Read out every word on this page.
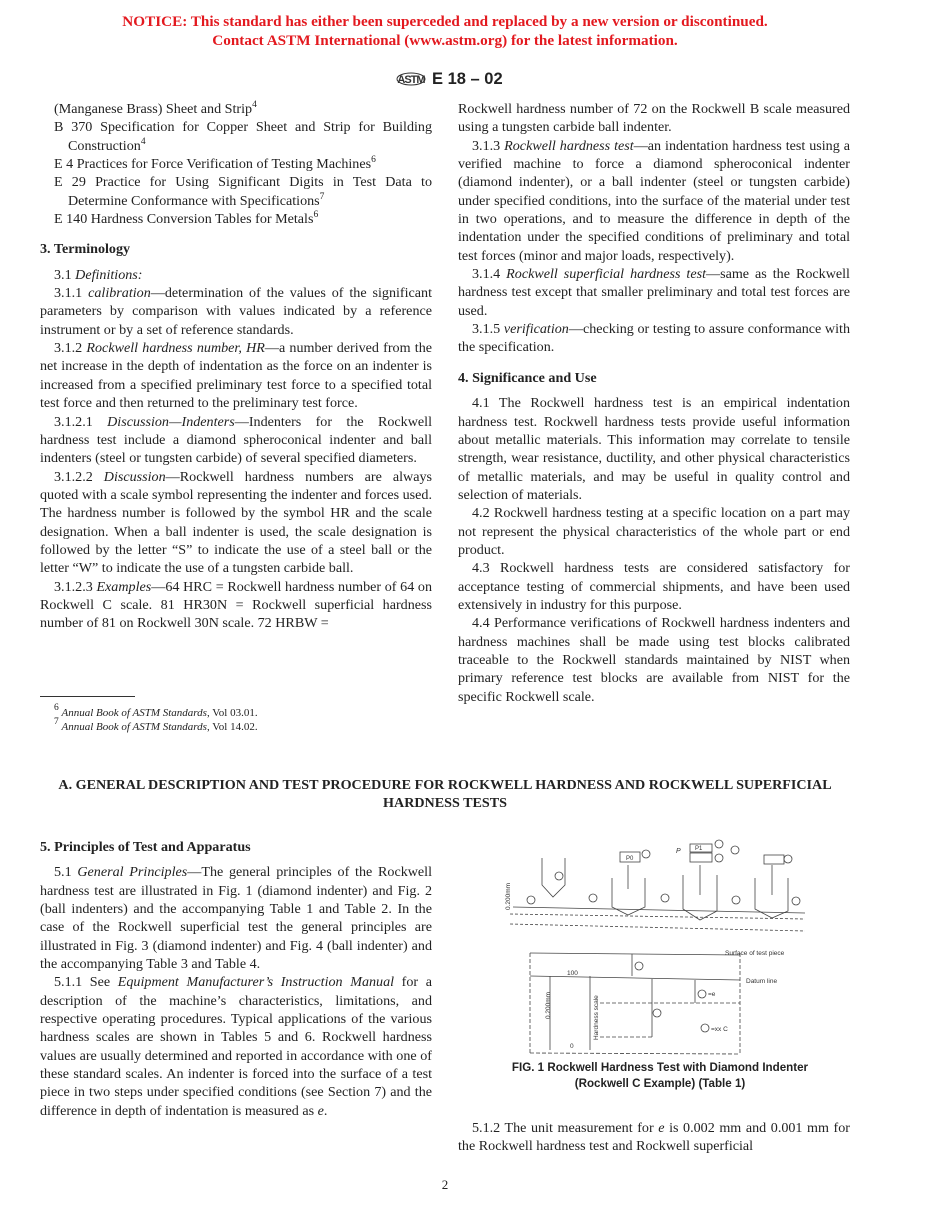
NOTICE: This standard has either been superceded and replaced by a new version or discontinued.
Contact ASTM International (www.astm.org) for the latest information.
ASTM E 18 – 02

(Manganese Brass) Sheet and Strip$^4$

B 370 Specification for Copper Sheet and Strip for Building Construction$^4$

E 4 Practices for Force Verification of Testing Machines$^6$

E 29 Practice for Using Significant Digits in Test Data to Determine Conformance with Specifications$^7$

E 140 Hardness Conversion Tables for Metals$^6$

3. Terminology

3.1 Definitions:

3.1.1 calibration—determination of the values of the significant parameters by comparison with values indicated by a reference instrument or by a set of reference standards.

3.1.2 Rockwell hardness number, HR—a number derived from the net increase in the depth of indentation as the force on an indenter is increased from a specified preliminary test force to a specified total test force and then returned to the preliminary test force.

3.1.2.1 Discussion—Indenters—Indenters for the Rockwell hardness test include a diamond spheroconical indenter and ball indenters (steel or tungsten carbide) of several specified diameters.

3.1.2.2 Discussion—Rockwell hardness numbers are always quoted with a scale symbol representing the indenter and forces used. The hardness number is followed by the symbol HR and the scale designation. When a ball indenter is used, the scale designation is followed by the letter “S” to indicate the use of a steel ball or the letter “W” to indicate the use of a tungsten carbide ball.

3.1.2.3 Examples—64 HRC = Rockwell hardness number of 64 on Rockwell C scale. 81 HR30N = Rockwell superficial hardness number of 81 on Rockwell 30N scale. 72 HRBW =

Rockwell hardness number of 72 on the Rockwell B scale measured using a tungsten carbide ball indenter.

3.1.3 Rockwell hardness test—an indentation hardness test using a verified machine to force a diamond spheroconical indenter (diamond indenter), or a ball indenter (steel or tungsten carbide) under specified conditions, into the surface of the material under test in two operations, and to measure the difference in depth of the indentation under the specified conditions of preliminary and total test forces (minor and major loads, respectively).

3.1.4 Rockwell superficial hardness test—same as the Rockwell hardness test except that smaller preliminary and total test forces are used.

3.1.5 verification—checking or testing to assure conformance with the specification.

4. Significance and Use

4.1 The Rockwell hardness test is an empirical indentation hardness test. Rockwell hardness tests provide useful information about metallic materials. This information may correlate to tensile strength, wear resistance, ductility, and other physical characteristics of metallic materials, and may be useful in quality control and selection of materials.

4.2 Rockwell hardness testing at a specific location on a part may not represent the physical characteristics of the whole part or end product.

4.3 Rockwell hardness tests are considered satisfactory for acceptance testing of commercial shipments, and have been used extensively in industry for this purpose.

4.4 Performance verifications of Rockwell hardness indenters and hardness machines shall be made using test blocks calibrated traceable to the Rockwell standards maintained by NIST when primary reference test blocks are available from NIST for the specific Rockwell scale.

$^6$ Annual Book of ASTM Standards, Vol 03.01.
$^7$ Annual Book of ASTM Standards, Vol 14.02.
A. GENERAL DESCRIPTION AND TEST PROCEDURE FOR ROCKWELL HARDNESS AND ROCKWELL SUPERFICIAL HARDNESS TESTS
5. Principles of Test and Apparatus

5.1 General Principles—The general principles of the Rockwell hardness test are illustrated in Fig. 1 (diamond indenter) and Fig. 2 (ball indenters) and the accompanying Table 1 and Table 2. In the case of the Rockwell superficial test the general principles are illustrated in Fig. 3 (diamond indenter) and Fig. 4 (ball indenter) and the accompanying Table 3 and Table 4.

5.1.1 See Equipment Manufacturer’s Instruction Manual for a description of the machine’s characteristics, limitations, and respective operating procedures. Typical applications of the various hardness scales are shown in Tables 5 and 6. Rockwell hardness values are usually determined and reported in accordance with one of these standard scales. An indenter is forced into the surface of a test piece in two steps under specified conditions (see Section 7) and the difference in depth of indentation is measured as e.

P0
P1
P
0.200mm
Surface of test piece
Datum line
100
0
=e
=xx C
Hardness scale
0.200mm
FIG. 1 Rockwell Hardness Test with Diamond Indenter
(Rockwell C Example) (Table 1)

5.1.2 The unit measurement for e is 0.002 mm and 0.001 mm for the Rockwell hardness test and Rockwell superficial

2
